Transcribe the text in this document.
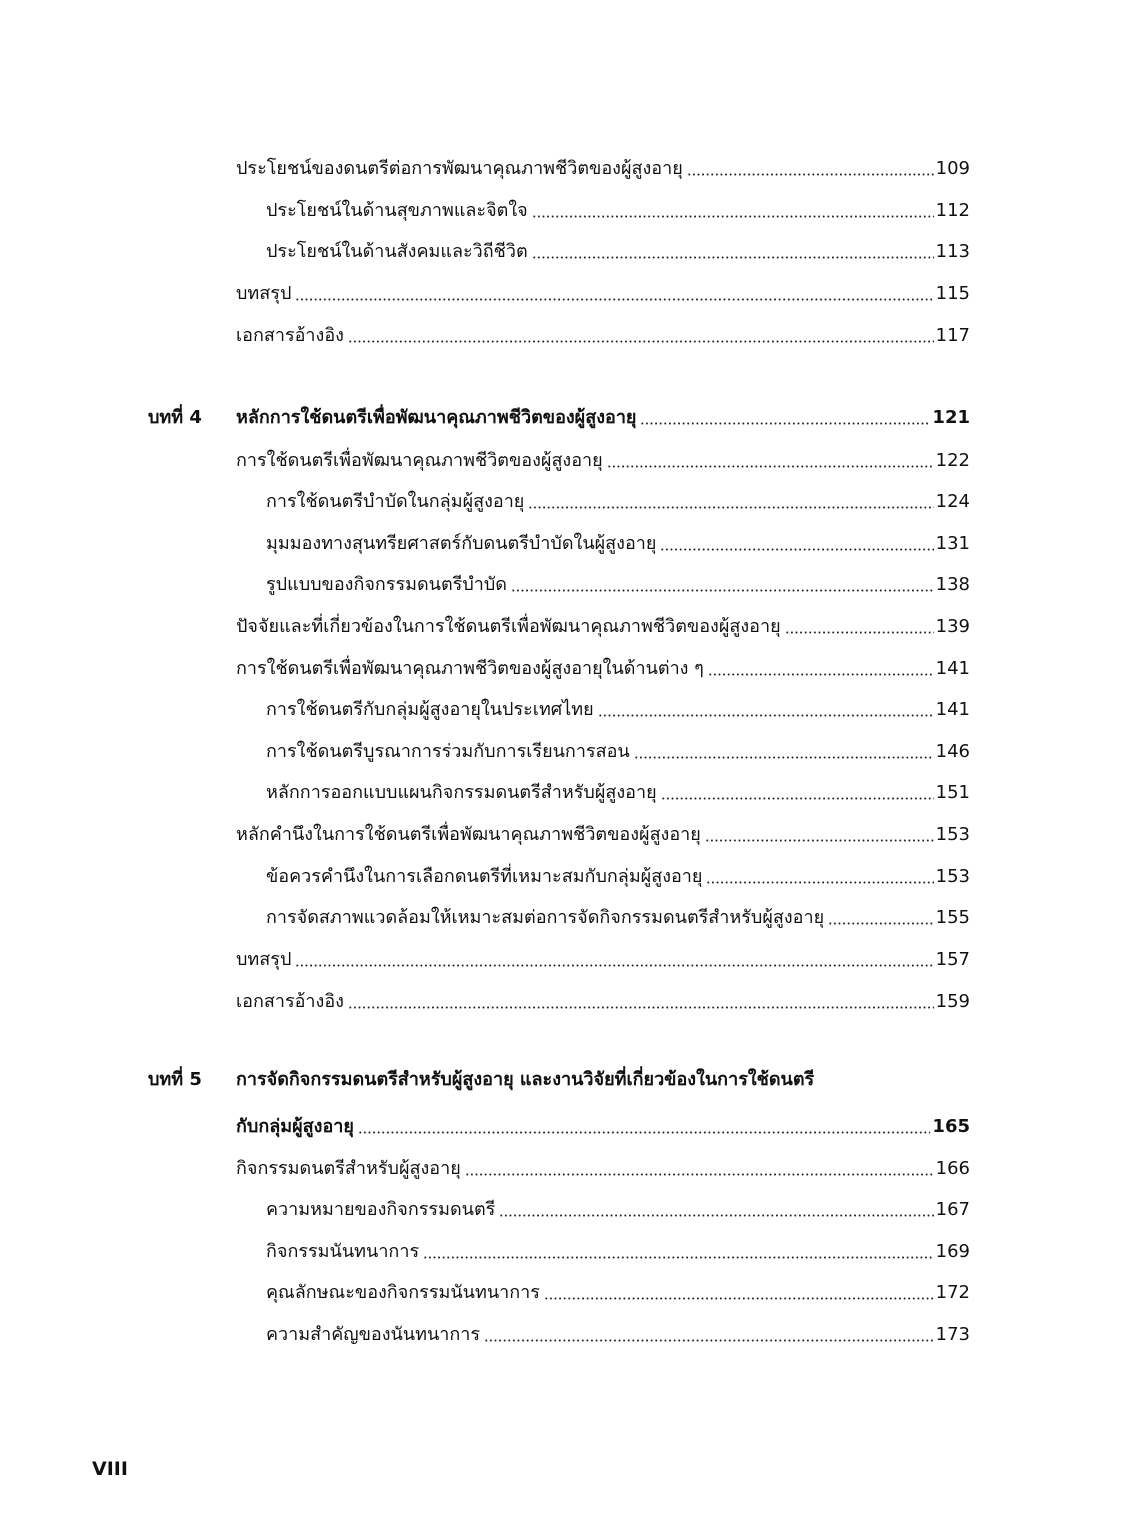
ประโยชน์ของดนตรีต่อการพัฒนาคุณภาพชีวิตของผู้สูงอายุ	109
ประโยชน์ในด้านสุขภาพและจิตใจ	112
ประโยชน์ในด้านสังคมและวิถีชีวิต	113
บทสรุป	115
เอกสารอ้างอิง	117
บทที่ 4 หลักการใช้ดนตรีเพื่อพัฒนาคุณภาพชีวิตของผู้สูงอายุ	121
การใช้ดนตรีเพื่อพัฒนาคุณภาพชีวิตของผู้สูงอายุ	122
การใช้ดนตรีบำบัดในกลุ่มผู้สูงอายุ	124
มุมมองทางสุนทรียศาสตร์กับดนตรีบำบัดในผู้สูงอายุ	131
รูปแบบของกิจกรรมดนตรีบำบัด	138
ปัจจัยและที่เกี่ยวข้องในการใช้ดนตรีเพื่อพัฒนาคุณภาพชีวิตของผู้สูงอายุ	139
การใช้ดนตรีเพื่อพัฒนาคุณภาพชีวิตของผู้สูงอายุในด้านต่าง ๆ	141
การใช้ดนตรีกับกลุ่มผู้สูงอายุในประเทศไทย	141
การใช้ดนตรีบูรณาการร่วมกับการเรียนการสอน	146
หลักการออกแบบแผนกิจกรรมดนตรีสำหรับผู้สูงอายุ	151
หลักคำนึงในการใช้ดนตรีเพื่อพัฒนาคุณภาพชีวิตของผู้สูงอายุ	153
ข้อควรคำนึงในการเลือกดนตรีที่เหมาะสมกับกลุ่มผู้สูงอายุ	153
การจัดสภาพแวดล้อมให้เหมาะสมต่อการจัดกิจกรรมดนตรีสำหรับผู้สูงอายุ	155
บทสรุป	157
เอกสารอ้างอิง	159
บทที่ 5 การจัดกิจกรรมดนตรีสำหรับผู้สูงอายุ และงานวิจัยที่เกี่ยวข้องในการใช้ดนตรี
กับกลุ่มผู้สูงอายุ	165
กิจกรรมดนตรีสำหรับผู้สูงอายุ	166
ความหมายของกิจกรรมดนตรี	167
กิจกรรมนันทนาการ	169
คุณลักษณะของกิจกรรมนันทนาการ	172
ความสำคัญของนันทนาการ	173
VIII
